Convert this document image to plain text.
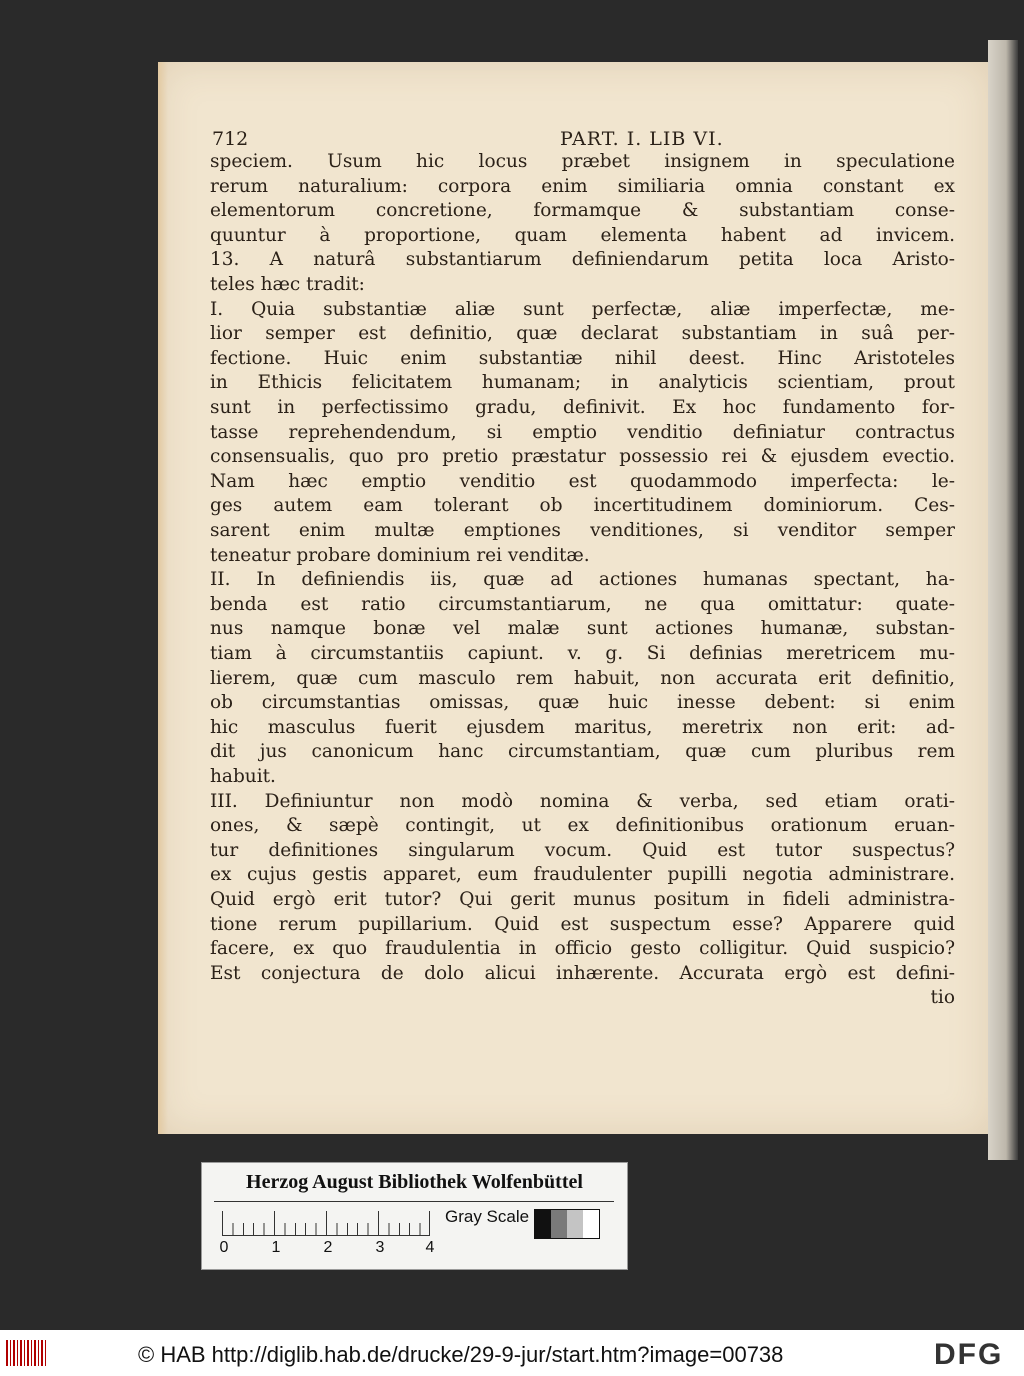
712	PART. I. LIB VI.
speciem. Usum hic locus præbet insignem in speculatione
rerum naturalium: corpora enim similiaria omnia constant ex
elementorum concretione, formamque & substantiam conse-
quuntur à proportione, quam elementa habent ad invicem.
13. A naturâ substantiarum definiendarum petita loca Aristo-
teles hæc tradit:
I. Quia substantiæ aliæ sunt perfectæ, aliæ imperfectæ, me-
lior semper est definitio, quæ declarat substantiam in suâ per-
fectione. Huic enim substantiæ nihil deest. Hinc Aristoteles
in Ethicis felicitatem humanam; in analyticis scientiam, prout
sunt in perfectissimo gradu, definivit. Ex hoc fundamento for-
tasse reprehendendum, si emptio venditio definiatur contractus
consensualis, quo pro pretio præstatur possessio rei & ejusdem evectio.
Nam hæc emptio venditio est quodammodo imperfecta: le-
ges autem eam tolerant ob incertitudinem dominiorum. Ces-
sarent enim multæ emptiones venditiones, si venditor semper
teneatur probare dominium rei venditæ.
II. In definiendis iis, quæ ad actiones humanas spectant, ha-
benda est ratio circumstantiarum, ne qua omittatur: quate-
nus namque bonæ vel malæ sunt actiones humanæ, substan-
tiam à circumstantiis capiunt. v. g. Si definias meretricem mu-
lierem, quæ cum masculo rem habuit, non accurata erit definitio,
ob circumstantias omissas, quæ huic inesse debent: si enim
hic masculus fuerit ejusdem maritus, meretrix non erit: ad-
dit jus canonicum hanc circumstantiam, quæ cum pluribus rem
habuit.
III. Definiuntur non modò nomina & verba, sed etiam orati-
ones, & sæpè contingit, ut ex definitionibus orationum eruan-
tur definitiones singularum vocum. Quid est tutor suspectus?
ex cujus gestis apparet, eum fraudulenter pupilli negotia administrare.
Quid ergò erit tutor? Qui gerit munus positum in fideli administra-
tione rerum pupillarium. Quid est suspectum esse? Apparere quid
facere, ex quo fraudulentia in officio gesto colligitur. Quid suspicio?
Est conjectura de dolo alicui inhærente. Accurata ergò est defini-
tio
Herzog August Bibliothek Wolfenbüttel
0	1	2	3	4
Gray Scale
© HAB http://diglib.hab.de/drucke/29-9-jur/start.htm?image=00738	DFG
